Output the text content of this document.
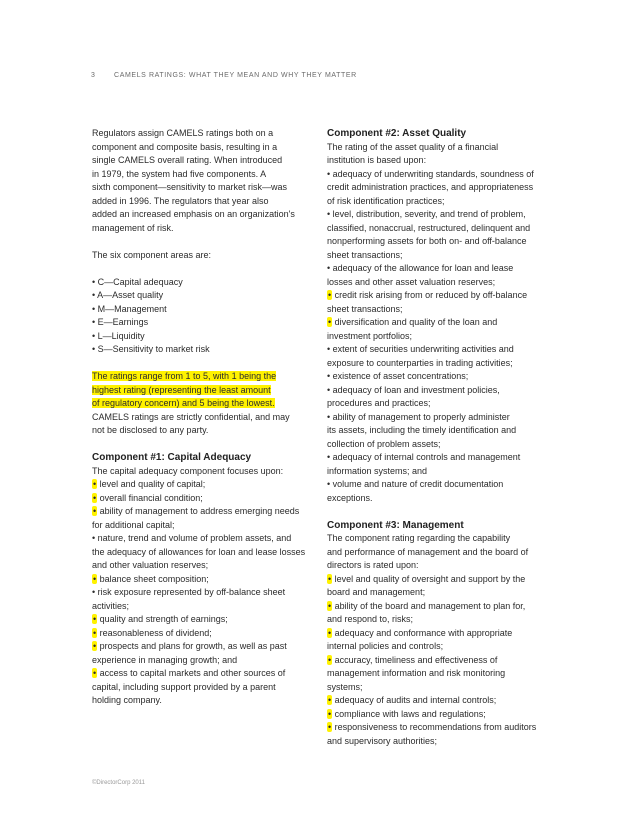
3	CAMELS RATINGS: WHAT THEY MEAN AND WHY THEY MATTER
Regulators assign CAMELS ratings both on a
component and composite basis, resulting in a
single CAMELS overall rating. When introduced
in 1979, the system had five components. A
sixth component—sensitivity to market risk—was
added in 1996. The regulators that year also
added an increased emphasis on an organization's
management of risk.
The six component areas are:
• C—Capital adequacy
• A—Asset quality
• M—Management
• E—Earnings
• L—Liquidity
• S—Sensitivity to market risk
The ratings range from 1 to 5, with 1 being the
highest rating (representing the least amount
of regulatory concern) and 5 being the lowest.
CAMELS ratings are strictly confidential, and may
not be disclosed to any party.
Component #1: Capital Adequacy
The capital adequacy component focuses upon:
• level and quality of capital;
• overall financial condition;
• ability of management to address emerging needs
for additional capital;
• nature, trend and volume of problem assets, and
the adequacy of allowances for loan and lease losses
and other valuation reserves;
• balance sheet composition;
• risk exposure represented by off-balance sheet
activities;
• quality and strength of earnings;
• reasonableness of dividend;
• prospects and plans for growth, as well as past
experience in managing growth; and
• access to capital markets and other sources of
capital, including support provided by a parent
holding company.
Component #2: Asset Quality
The rating of the asset quality of a financial
institution is based upon:
• adequacy of underwriting standards, soundness of
credit administration practices, and appropriateness
of risk identification practices;
• level, distribution, severity, and trend of problem,
classified, nonaccrual, restructured, delinquent and
nonperforming assets for both on- and off-balance
sheet transactions;
• adequacy of the allowance for loan and lease
losses and other asset valuation reserves;
• credit risk arising from or reduced by off-balance
sheet transactions;
• diversification and quality of the loan and
investment portfolios;
• extent of securities underwriting activities and
exposure to counterparties in trading activities;
• existence of asset concentrations;
• adequacy of loan and investment policies,
procedures and practices;
• ability of management to properly administer
its assets, including the timely identification and
collection of problem assets;
• adequacy of internal controls and management
information systems; and
• volume and nature of credit documentation
exceptions.
Component #3: Management
The component rating regarding the capability
and performance of management and the board of
directors is rated upon:
• level and quality of oversight and support by the
board and management;
• ability of the board and management to plan for,
and respond to, risks;
• adequacy and conformance with appropriate
internal policies and controls;
• accuracy, timeliness and effectiveness of
management information and risk monitoring
systems;
• adequacy of audits and internal controls;
• compliance with laws and regulations;
• responsiveness to recommendations from auditors
and supervisory authorities;
©DirectorCorp 2011
